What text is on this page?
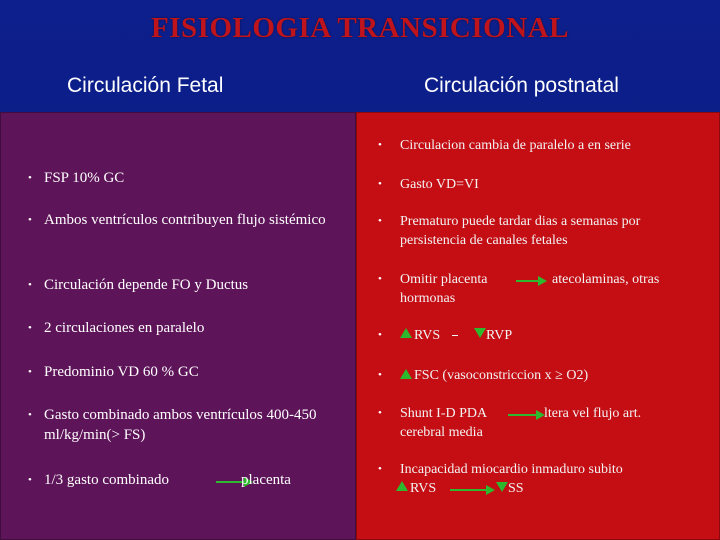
FISIOLOGIA TRANSICIONAL
Circulación Fetal	Circulación postnatal
• FSP 10% GC
• Ambos ventrículos contribuyen flujo sistémico
• Circulación depende FO y Ductus
• 2 circulaciones en paralelo
• Predominio VD 60 % GC
• Gasto combinado ambos ventrículos 400-450 ml/kg/min(> FS)
• 1/3 gasto combinado	placenta
• Circulacion cambia de paralelo a en serie
• Gasto VD=VI
• Prematuro puede tardar dias a semanas por persistencia de canales fetales
• Omitir placenta	atecolaminas, otras
hormonas
• RVS	RVP
• FSC (vasoconstriccion x ≥ O2)
• Shunt I-D PDA	ltera vel flujo art.
cerebral media
• Incapacidad miocardio inmaduro subito
RVS	SS
